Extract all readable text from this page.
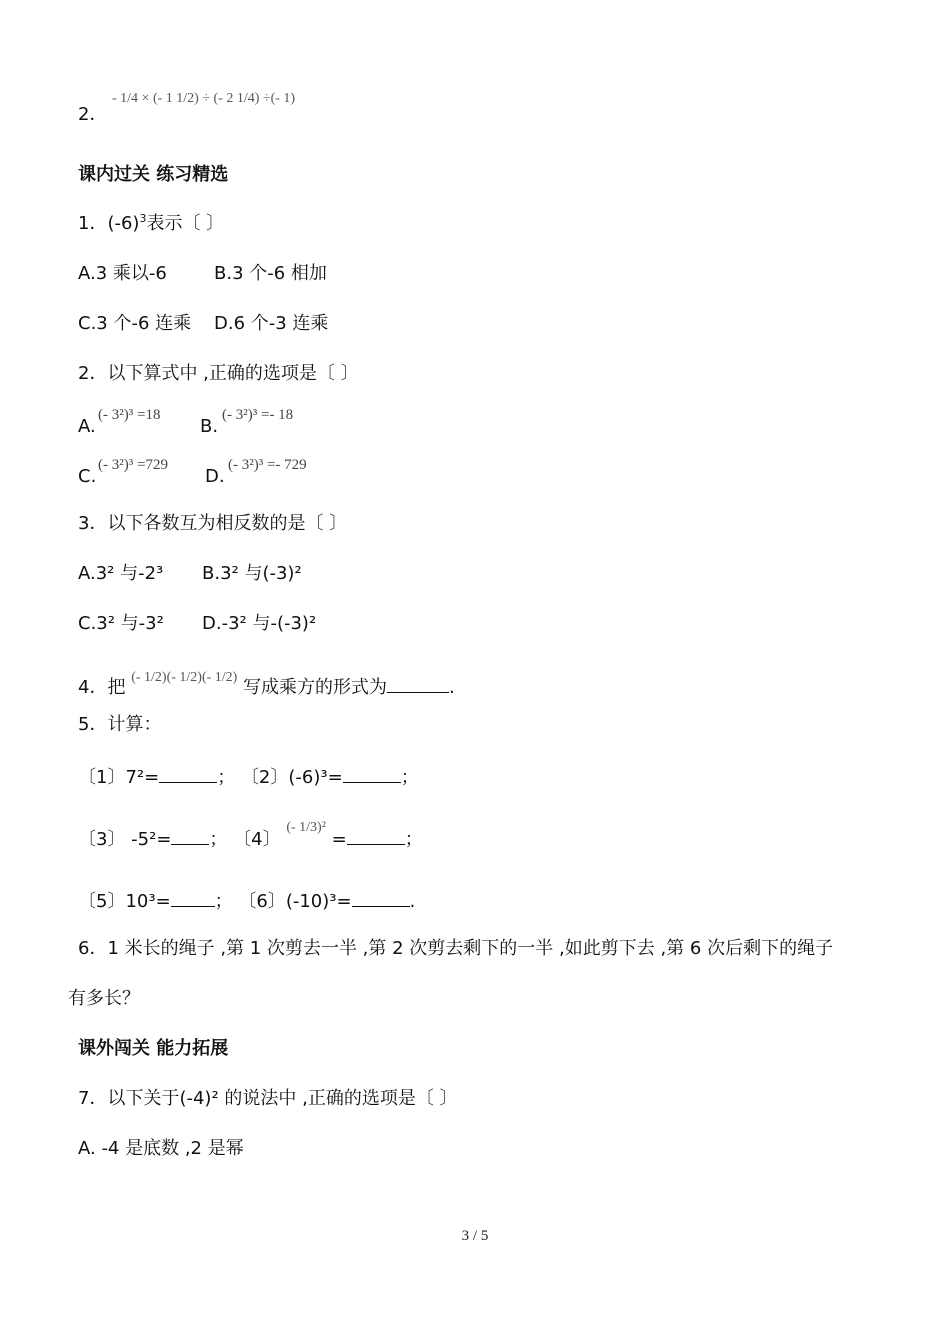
2．
- 1/4 × (- 1 1/2) ÷ (- 2 1/4) ÷(- 1)
课内过关 练习精选
1．$(-6)^3$表示〔 〕
A.3 乘以-6	B.3 个-6 相加
C.3 个-6 连乘 D.6 个-3 连乘
2．以下算式中 ,正确的选项是〔 〕
A.
(- 3²)³ =18
B.
(- 3²)³ =- 18
C.
(- 3²)³ =729
D.
(- 3²)³ =- 729
3．以下各数互为相反数的是〔 〕
A.3² 与-2³ B.3² 与(-3)²
C.3² 与-3² D.-3² 与-(-3)²
4．把 $^{(- 1/2)(- 1/2)(- 1/2)}$ 写成乘方的形式为	.
5．计算：
〔1〕7²=	； 〔2〕(-6)³=	；
〔3〕 -5²= ； 〔4〕 $^{(- 1/3)^2}$ =	；
〔5〕10³= ； 〔6〕(-10)³=	.
6．1 米长的绳子 ,第 1 次剪去一半 ,第 2 次剪去剩下的一半 ,如此剪下去 ,第 6 次后剩下的绳子
有多长？
课外闯关 能力拓展
7．以下关于(-4)² 的说法中 ,正确的选项是〔 〕
A. -4 是底数 ,2 是幂
3 / 5
